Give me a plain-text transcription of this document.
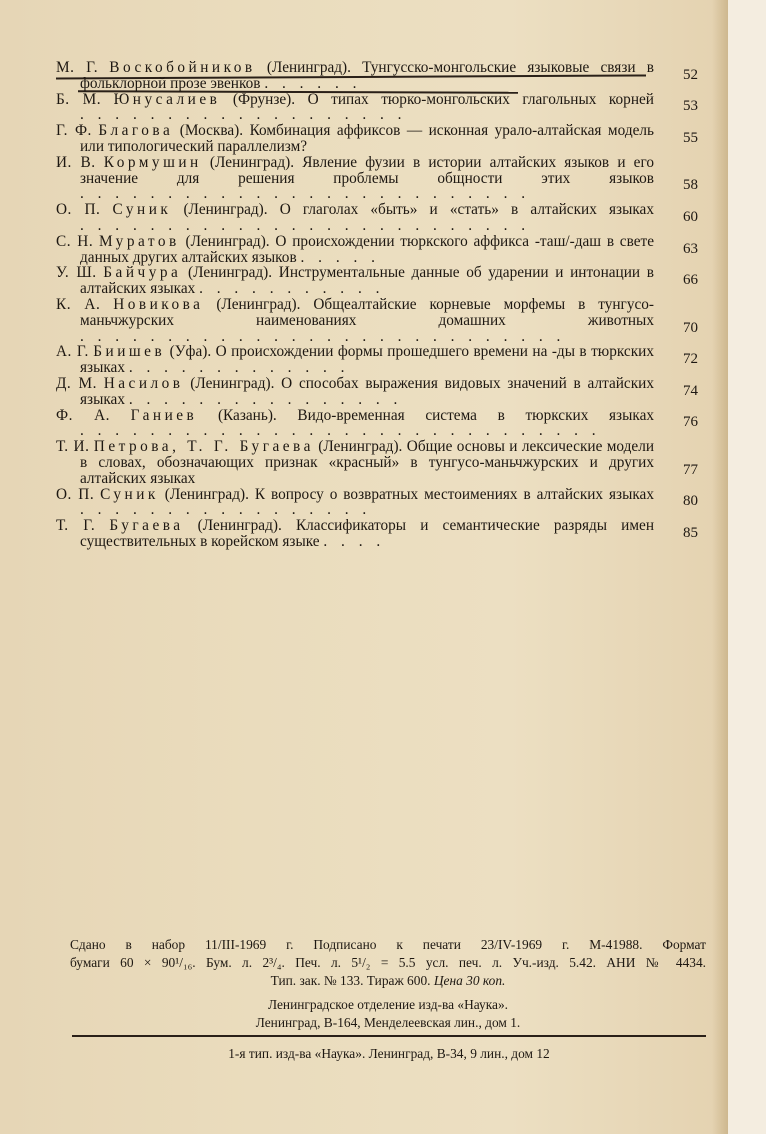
М. Г. Воскобойников (Ленинград). Тунгусско-монгольские языковые связи в фольклорной прозе эвенков . . . . . .	52
Б. М. Юнусалиев (Фрунзе). О типах тюрко-монгольских глагольных корней . . . . . . . . . . . . . . . . . . .	53
Г. Ф. Благова (Москва). Комбинация аффиксов — исконная урало-алтайская модель или типологический параллелизм?	55
И. В. Кормушин (Ленинград). Явление фузии в истории алтайских языков и его значение для решения проблемы общности этих языков . . . . . . . . . . . . . . . . . . . . . . . . . .	58
О. П. Суник (Ленинград). О глаголах «быть» и «стать» в алтайских языках . . . . . . . . . . . . . . . . . . . . . . . . . .	60
С. Н. Муратов (Ленинград). О происхождении тюркского аффикса -таш/-даш в свете данных других алтайских языков . . . . .	63
У. Ш. Байчура (Ленинград). Инструментальные данные об ударении и интонации в алтайских языках . . . . . . . . . . .	66
К. А. Новикова (Ленинград). Общеалтайские корневые морфемы в тунгусо-маньчжурских наименованиях домашних животных . . . . . . . . . . . . . . . . . . . . . . . . . . . .	70
А. Г. Биишев (Уфа). О происхождении формы прошедшего времени на -ды в тюркских языках . . . . . . . . . . . . .	72
Д. М. Насилов (Ленинград). О способах выражения видовых значений в алтайских языках . . . . . . . . . . . . . . . .	74
Ф. А. Ганиев (Казань). Видо-временная система в тюркских языках . . . . . . . . . . . . . . . . . . . . . . . . . . . . . .	76
Т. И. Петрова, Т. Г. Бугаева (Ленинград). Общие основы и лексические модели в словах, обозначающих признак «красный» в тунгусо-маньчжурских и других алтайских языках	77
О. П. Суник (Ленинград). К вопросу о возвратных местоимениях в алтайских языках . . . . . . . . . . . . . . . . .	80
Т. Г. Бугаева (Ленинград). Классификаторы и семантические разряды имен существительных в корейском языке . . . .	85
Сдано в набор 11/III-1969 г. Подписано к печати 23/IV-1969 г. М-41988. Формат
бумаги 60 × 90¹/₁₆. Бум. л. 2³/₄. Печ. л. 5¹/₂ = 5.5 усл. печ. л. Уч.-изд. 5.42. АНИ № 4434.
Тип. зак. № 133. Тираж 600. Цена 30 коп.
Ленинградское отделение изд-ва «Наука».
Ленинград, В-164, Менделеевская лин., дом 1.
1-я тип. изд-ва «Наука». Ленинград, В-34, 9 лин., дом 12
